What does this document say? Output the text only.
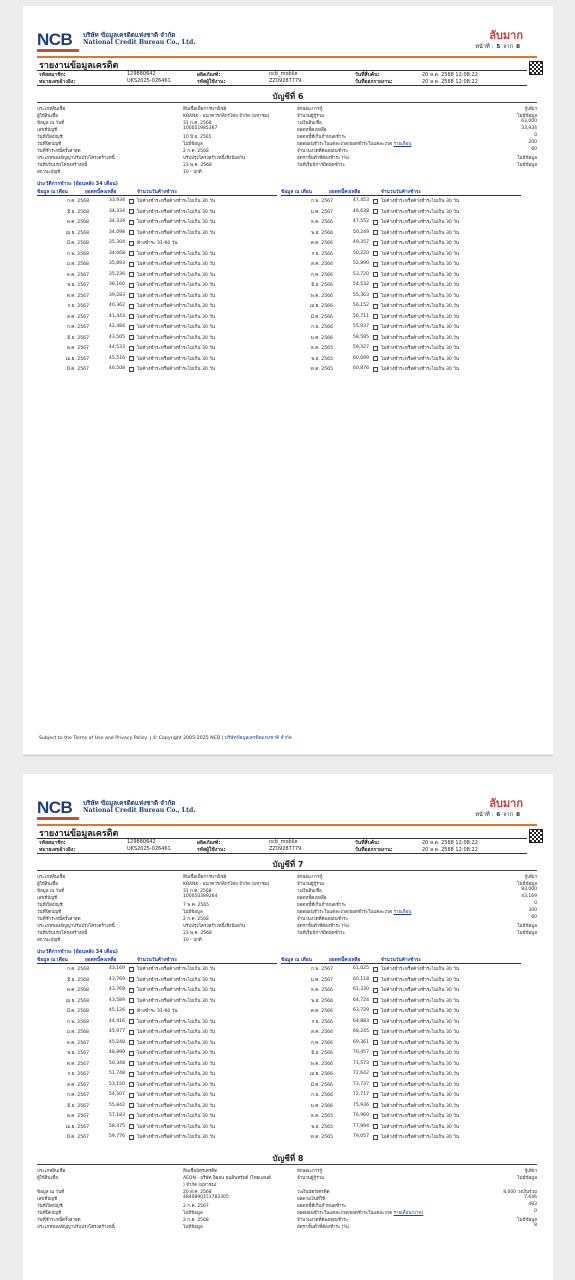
NCB บริษัท ข้อมูลเครดิตแห่งชาติ จำกัด
National Credit Bureau Co., Ltd.
ลับมาก
หน้าที่ : 5 จาก 8
รายงานข้อมูลเครดิต
รหัสสมาชิก:	129880642	ผลิตภัณฑ์:	ncb_mobile	วันที่สืบค้น:	20 ส.ค. 2568 12:08:22
หมายเลขอ้างอิง:	UKS2025-026461	รหัสผู้ใช้งาน:	ZZ09287779	วันที่ออกรายงาน:	20 ส.ค. 2568 12:08:22
บัญชีที่ 6
ประเภทสินเชื่อ	สินเชื่อเพื่อการพาณิชย์	ลักษณะการกู้	กู้เดี่ยว
ผู้ให้สินเชื่อ	KBANK - ธนาคารกสิกรไทย จำกัด (มหาชน)	จำนวนผู้กู้ร่วม	ไม่มีข้อมูล
ข้อมูล ณ วันที่	31 ก.ค. 2568	วงเงินสินเชื่อ	63,000
เลขที่บัญชี	100051985367	ยอดหนี้คงเหลือ	33,934
วันที่เปิดบัญชี	10 มิ.ย. 2565	ยอดหนี้ที่เกินกำหนดชำระ	0
วันที่ปิดบัญชี	ไม่มีข้อมูล	ยอดผ่อนชำระในแต่ละงวด/ยอดชำระในแต่ละงวด รายเดือน	200
วันที่ชำระหนี้ครั้งล่าสุด	2 ก.ค. 2568	จำนวนงวดที่ต้องผ่อนชำระ	60
ประเภทของสัญญาปรับปรุงโครงสร้างหนี้	ปรับปรุงโครงสร้างหนี้เชิงป้องกัน	อัตราขั้นต่ำที่ต้องชำระ (%)	ไม่มีข้อมูล
วันที่ปรับปรุงโครงสร้างหนี้	23 พ.ค. 2568	วันที่เริ่มมีการผิดนัดชำระ	ไม่มีข้อมูล
สถานะบัญชี	10 - ปกติ
ประวัติการชำระ (ย้อนหลัง 34 เดือน)
ข้อมูล ณ เดือน	ยอดหนี้คงเหลือ	จำนวนวันค้างชำระ
ก.ค. 2568	33,934	ไม่ค้างชำระหรือค้างชำระไม่เกิน 30 วัน
มิ.ย. 2568	34,334	ไม่ค้างชำระหรือค้างชำระไม่เกิน 30 วัน
พ.ค. 2568	34,334	ไม่ค้างชำระหรือค้างชำระไม่เกิน 30 วัน
เม.ย. 2568	34,098	ไม่ค้างชำระหรือค้างชำระไม่เกิน 30 วัน
มี.ค. 2568	35,304	ค้างชำระ 31-60 วัน
ก.พ. 2568	34,668	ไม่ค้างชำระหรือค้างชำระไม่เกิน 30 วัน
ม.ค. 2568	35,893	ไม่ค้างชำระหรือค้างชำระไม่เกิน 30 วัน
ธ.ค. 2567	35,236	ไม่ค้างชำระหรือค้างชำระไม่เกิน 30 วัน
พ.ย. 2567	38,160	ไม่ค้างชำระหรือค้างชำระไม่เกิน 30 วัน
ต.ค. 2567	39,283	ไม่ค้างชำระหรือค้างชำระไม่เกิน 30 วัน
ก.ย. 2567	40,362	ไม่ค้างชำระหรือค้างชำระไม่เกิน 30 วัน
ส.ค. 2567	41,443	ไม่ค้างชำระหรือค้างชำระไม่เกิน 30 วัน
ก.ค. 2567	42,484	ไม่ค้างชำระหรือค้างชำระไม่เกิน 30 วัน
มิ.ย. 2567	43,505	ไม่ค้างชำระหรือค้างชำระไม่เกิน 30 วัน
พ.ค. 2567	44,533	ไม่ค้างชำระหรือค้างชำระไม่เกิน 30 วัน
เม.ย. 2567	45,516	ไม่ค้างชำระหรือค้างชำระไม่เกิน 30 วัน
มี.ค. 2567	46,508	ไม่ค้างชำระหรือค้างชำระไม่เกิน 30 วัน
ข้อมูล ณ เดือน	ยอดหนี้คงเหลือ	จำนวนวันค้างชำระ
ก.พ. 2567	47,453	ไม่ค้างชำระหรือค้างชำระไม่เกิน 30 วัน
ม.ค. 2567	46,638	ไม่ค้างชำระหรือค้างชำระไม่เกิน 30 วัน
ธ.ค. 2566	47,552	ไม่ค้างชำระหรือค้างชำระไม่เกิน 30 วัน
พ.ย. 2566	50,249	ไม่ค้างชำระหรือค้างชำระไม่เกิน 30 วัน
ต.ค. 2566	49,357	ไม่ค้างชำระหรือค้างชำระไม่เกิน 30 วัน
ก.ย. 2566	50,220	ไม่ค้างชำระหรือค้างชำระไม่เกิน 30 วัน
ส.ค. 2566	52,890	ไม่ค้างชำระหรือค้างชำระไม่เกิน 30 วัน
ก.ค. 2566	53,720	ไม่ค้างชำระหรือค้างชำระไม่เกิน 30 วัน
มิ.ย. 2566	54,532	ไม่ค้างชำระหรือค้างชำระไม่เกิน 30 วัน
พ.ค. 2566	55,363	ไม่ค้างชำระหรือค้างชำระไม่เกิน 30 วัน
เม.ย. 2566	56,152	ไม่ค้างชำระหรือค้างชำระไม่เกิน 30 วัน
มี.ค. 2566	56,711	ไม่ค้างชำระหรือค้างชำระไม่เกิน 30 วัน
ก.พ. 2566	55,937	ไม่ค้างชำระหรือค้างชำระไม่เกิน 30 วัน
ม.ค. 2566	58,595	ไม่ค้างชำระหรือค้างชำระไม่เกิน 30 วัน
ธ.ค. 2565	59,327	ไม่ค้างชำระหรือค้างชำระไม่เกิน 30 วัน
พ.ย. 2565	60,099	ไม่ค้างชำระหรือค้างชำระไม่เกิน 30 วัน
ต.ค. 2565	60,876	ไม่ค้างชำระหรือค้างชำระไม่เกิน 30 วัน
Subject to the Terms of Use and Privacy Policy. | © Copyright 2005-2025 NCB | บริษัทข้อมูลเครดิตแห่งชาติ จำกัด
NCB บริษัท ข้อมูลเครดิตแห่งชาติ จำกัด
National Credit Bureau Co., Ltd.
ลับมาก
หน้าที่ : 6 จาก 8
รายงานข้อมูลเครดิต
รหัสสมาชิก:	129880642	ผลิตภัณฑ์:	ncb_mobile	วันที่สืบค้น:	20 ส.ค. 2568 12:08:22
หมายเลขอ้างอิง:	UKS2025-026461	รหัสผู้ใช้งาน:	ZZ09287779	วันที่ออกรายงาน:	20 ส.ค. 2568 12:08:22
บัญชีที่ 7
ประเภทสินเชื่อ	สินเชื่อเพื่อการพาณิชย์	ลักษณะการกู้	กู้เดี่ยว
ผู้ให้สินเชื่อ	KBANK - ธนาคารกสิกรไทย จำกัด (มหาชน)	จำนวนผู้กู้ร่วม	ไม่มีข้อมูล
ข้อมูล ณ วันที่	31 ก.ค. 2568	วงเงินสินเชื่อ	83,000
เลขที่บัญชี	100050389264	ยอดหนี้คงเหลือ	43,169
วันที่เปิดบัญชี	7 พ.ค. 2565	ยอดหนี้ที่เกินกำหนดชำระ	0
วันที่ปิดบัญชี	ไม่มีข้อมูล	ยอดผ่อนชำระในแต่ละงวด/ยอดชำระในแต่ละงวด รายเดือน	300
วันที่ชำระหนี้ครั้งล่าสุด	2 ก.ค. 2568	จำนวนงวดที่ต้องผ่อนชำระ	60
ประเภทของสัญญาปรับปรุงโครงสร้างหนี้	ปรับปรุงโครงสร้างหนี้เชิงป้องกัน	อัตราขั้นต่ำที่ต้องชำระ (%)	ไม่มีข้อมูล
วันที่ปรับปรุงโครงสร้างหนี้	23 พ.ค. 2568	วันที่เริ่มมีการผิดนัดชำระ	ไม่มีข้อมูล
สถานะบัญชี	10 - ปกติ
ประวัติการชำระ (ย้อนหลัง 34 เดือน)
ข้อมูล ณ เดือน	ยอดหนี้คงเหลือ	จำนวนวันค้างชำระ
ก.ค. 2568	43,169	ไม่ค้างชำระหรือค้างชำระไม่เกิน 30 วัน
มิ.ย. 2568	43,769	ไม่ค้างชำระหรือค้างชำระไม่เกิน 30 วัน
พ.ค. 2568	43,769	ไม่ค้างชำระหรือค้างชำระไม่เกิน 30 วัน
เม.ย. 2568	43,589	ไม่ค้างชำระหรือค้างชำระไม่เกิน 30 วัน
มี.ค. 2568	45,126	ค้างชำระ 31-60 วัน
ก.พ. 2568	44,416	ไม่ค้างชำระหรือค้างชำระไม่เกิน 30 วัน
ม.ค. 2568	45,977	ไม่ค้างชำระหรือค้างชำระไม่เกิน 30 วัน
ธ.ค. 2567	45,248	ไม่ค้างชำระหรือค้างชำระไม่เกิน 30 วัน
พ.ย. 2567	48,899	ไม่ค้างชำระหรือค้างชำระไม่เกิน 30 วัน
ต.ค. 2567	50,348	ไม่ค้างชำระหรือค้างชำระไม่เกิน 30 วัน
ก.ย. 2567	51,748	ไม่ค้างชำระหรือค้างชำระไม่เกิน 30 วัน
ส.ค. 2567	53,150	ไม่ค้างชำระหรือค้างชำระไม่เกิน 30 วัน
ก.ค. 2567	54,507	ไม่ค้างชำระหรือค้างชำระไม่เกิน 30 วัน
มิ.ย. 2567	55,842	ไม่ค้างชำระหรือค้างชำระไม่เกิน 30 วัน
พ.ค. 2567	57,183	ไม่ค้างชำระหรือค้างชำระไม่เกิน 30 วัน
เม.ย. 2567	58,475	ไม่ค้างชำระหรือค้างชำระไม่เกิน 30 วัน
มี.ค. 2567	59,776	ไม่ค้างชำระหรือค้างชำระไม่เกิน 30 วัน
ข้อมูล ณ เดือน	ยอดหนี้คงเหลือ	จำนวนวันค้างชำระ
ก.พ. 2567	61,025	ไม่ค้างชำระหรือค้างชำระไม่เกิน 30 วัน
ม.ค. 2567	60,118	ไม่ค้างชำระหรือค้างชำระไม่เกิน 30 วัน
ธ.ค. 2566	61,330	ไม่ค้างชำระหรือค้างชำระไม่เกิน 30 วัน
พ.ย. 2566	64,724	ไม่ค้างชำระหรือค้างชำระไม่เกิน 30 วัน
ต.ค. 2566	63,729	ไม่ค้างชำระหรือค้างชำระไม่เกิน 30 วัน
ก.ย. 2566	64,883	ไม่ค้างชำระหรือค้างชำระไม่เกิน 30 วัน
ส.ค. 2566	68,245	ไม่ค้างชำระหรือค้างชำระไม่เกิน 30 วัน
ก.ค. 2566	69,361	ไม่ค้างชำระหรือค้างชำระไม่เกิน 30 วัน
มิ.ย. 2566	70,457	ไม่ค้างชำระหรือค้างชำระไม่เกิน 30 วัน
พ.ค. 2566	71,573	ไม่ค้างชำระหรือค้างชำระไม่เกิน 30 วัน
เม.ย. 2566	72,642	ไม่ค้างชำระหรือค้างชำระไม่เกิน 30 วัน
มี.ค. 2566	73,737	ไม่ค้างชำระหรือค้างชำระไม่เกิน 30 วัน
ก.พ. 2566	72,717	ไม่ค้างชำระหรือค้างชำระไม่เกิน 30 วัน
ม.ค. 2566	75,936	ไม่ค้างชำระหรือค้างชำระไม่เกิน 30 วัน
ธ.ค. 2565	76,960	ไม่ค้างชำระหรือค้างชำระไม่เกิน 30 วัน
พ.ย. 2565	77,994	ไม่ค้างชำระหรือค้างชำระไม่เกิน 30 วัน
ต.ค. 2565	79,057	ไม่ค้างชำระหรือค้างชำระไม่เกิน 30 วัน
บัญชีที่ 8
ประเภทสินเชื่อ	สินเชื่อบัตรเครดิต	ลักษณะการกู้	กู้เดี่ยว
ผู้ให้สินเชื่อ	AEON - บริษัท อิออน ธนสินทรัพย์ (ไทยแลนด์	จำนวนผู้กู้ร่วม	ไม่มีข้อมูล
) จำกัด (มหาชน)
ข้อมูล ณ วันที่	20 ส.ค. 2568	วงเงินบัตรเครดิต	8,000 วงเงินร่วม
เลขที่บัญชี	4840890151783305	ยอดวงเงินที่ใช้	7,646
วันที่เปิดบัญชี	2 ก.ค. 2567	ยอดหนี้ที่เกินกำหนดชำระ	483
วันที่ปิดบัญชี	ไม่มีข้อมูล	ยอดผ่อนชำระในแต่ละงวด/ยอดชำระในแต่ละงวด รายเดือน(บาท)	0
วันที่ชำระหนี้ครั้งล่าสุด	2 ก.ค. 2568	จำนวนงวดที่ต้องผ่อนชำระ	ไม่มีข้อมูล
ประเภทของสัญญาปรับปรุงโครงสร้างหนี้	ไม่มีข้อมูล	อัตราขั้นต่ำที่ต้องชำระ (%)	8
